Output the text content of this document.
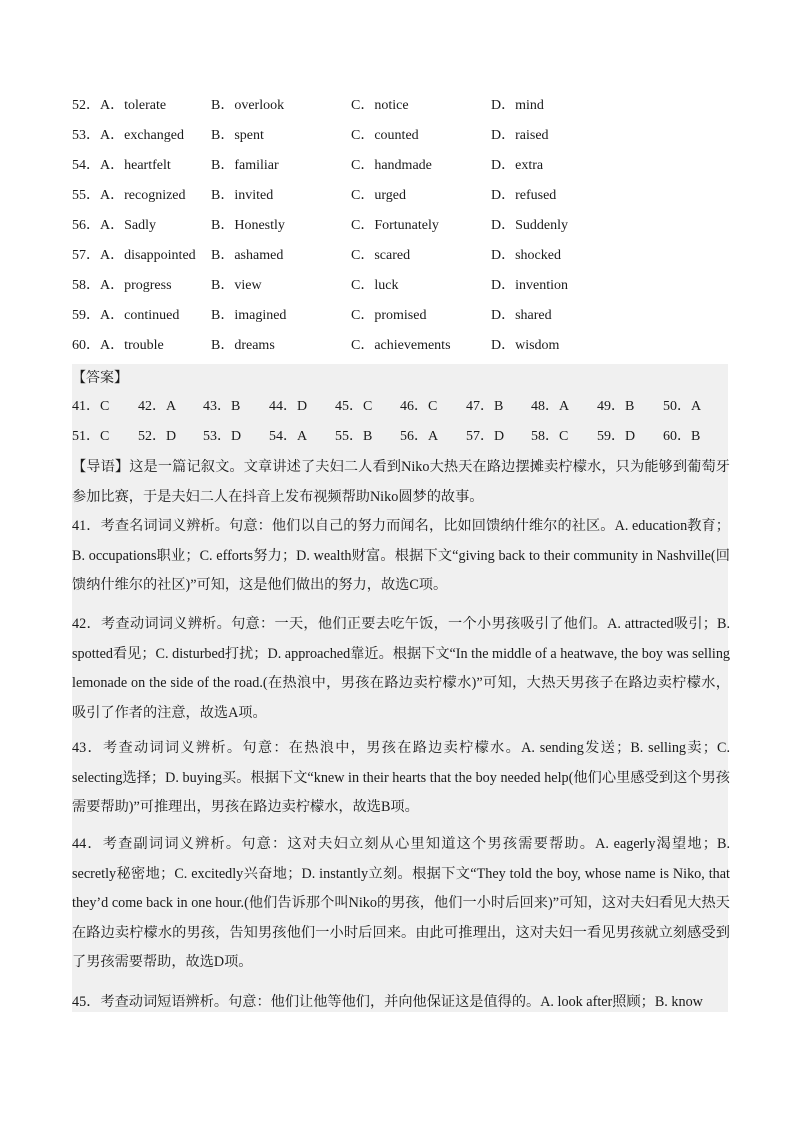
52．A．tolerate	B．overlook	C．notice	D．mind
53．A．exchanged B．spent	C．counted	D．raised
54．A．heartfelt	B．familiar	C．handmade	D．extra
55．A．recognized B．invited	C．urged	D．refused
56．A．Sadly	B．Honestly	C．Fortunately	D．Suddenly
57．A．disappointed B．ashamed	C．scared	D．shocked
58．A．progress	B．view	C．luck	D．invention
59．A．continued B．imagined	C．promised	D．shared
60．A．trouble	B．dreams	C．achievements	D．wisdom
【答案】
41．C 42．A 43．B 44．D 45．C 46．C 47．B 48．A 49．B 50．A
51．C 52．D 53．D 54．A 55．B 56．A 57．D 58．C 59．D 60．B

【导语】这是一篇记叙文。文章讲述了夫妇二人看到Niko大热天在路边摆摊卖柠檬水，只为能够到葡萄牙参加比赛，于是夫妇二人在抖音上发布视频帮助Niko圆梦的故事。

41．考查名词词义辨析。句意：他们以自己的努力而闻名，比如回馈纳什维尔的社区。A. education教育；B. occupations职业；C. efforts努力；D. wealth财富。根据下文“giving back to their community in Nashville(回馈纳什维尔的社区)”可知，这是他们做出的努力，故选C项。

42．考查动词词义辨析。句意：一天，他们正要去吃午饭，一个小男孩吸引了他们。A. attracted吸引；B. spotted看见；C. disturbed打扰；D. approached靠近。根据下文“In the middle of a heatwave, the boy was selling lemonade on the side of the road.(在热浪中，男孩在路边卖柠檬水)”可知，大热天男孩子在路边卖柠檬水，吸引了作者的注意，故选A项。

43．考查动词词义辨析。句意：在热浪中，男孩在路边卖柠檬水。A. sending发送；B. selling卖；C. selecting选择；D. buying买。根据下文“knew in their hearts that the boy needed help(他们心里感受到这个男孩需要帮助)”可推理出，男孩在路边卖柠檬水，故选B项。

44．考查副词词义辨析。句意：这对夫妇立刻从心里知道这个男孩需要帮助。A. eagerly渴望地；B. secretly秘密地；C. excitedly兴奋地；D. instantly立刻。根据下文“They told the boy, whose name is Niko, that they’d come back in one hour.(他们告诉那个叫Niko的男孩，他们一小时后回来)”可知，这对夫妇看见大热天在路边卖柠檬水的男孩，告知男孩他们一小时后回来。由此可推理出，这对夫妇一看见男孩就立刻感受到了男孩需要帮助，故选D项。

45．考查动词短语辨析。句意：他们让他等他们，并向他保证这是值得的。A. look after照顾；B. know
